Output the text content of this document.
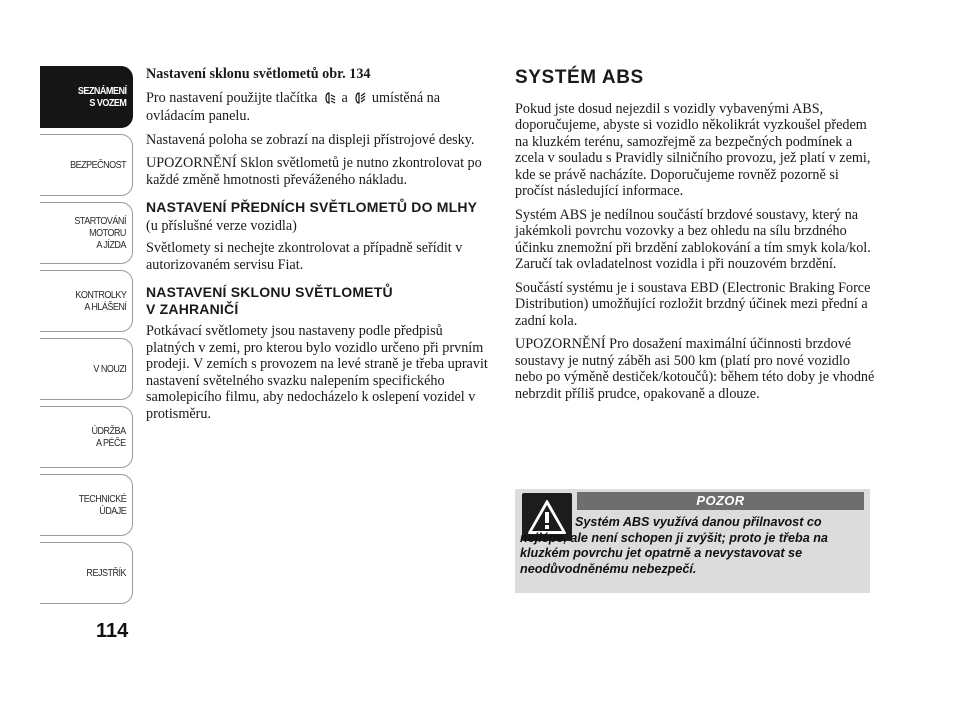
SEZNÁMENÍ
S VOZEM
BEZPEČNOST
STARTOVÁNÍ
MOTORU
A JÍZDA
KONTROLKY
A HLÁŠENÍ
V NOUZI
ÚDRŽBA
A PÉČE
TECHNICKÉ
ÚDAJE
REJSTŘÍK
114

Nastavení sklonu světlometů obr. 134

Pro nastavení použijte tlačítka  a  umístěná na ovládacím panelu.

Nastavená poloha se zobrazí na displeji přístrojové desky.

UPOZORNĚNÍ Sklon světlometů je nutno zkontrolovat po každé změně hmotnosti převáženého nákladu.

NASTAVENÍ PŘEDNÍCH SVĚTLOMETŮ DO MLHY (u příslušné verze vozidla)

Světlomety si nechejte zkontrolovat a případně seřídit v autorizovaném servisu Fiat.

NASTAVENÍ SKLONU SVĚTLOMETŮ
V ZAHRANIČÍ

Potkávací světlomety jsou nastaveny podle předpisů platných v zemi, pro kterou bylo vozidlo určeno při prvním prodeji. V zemích s provozem na levé straně je třeba upravit nastavení světelného svazku nalepením specifického samolepicího filmu, aby nedocházelo k oslepení vozidel v protisměru.

SYSTÉM ABS

Pokud jste dosud nejezdil s vozidly vybavenými ABS, doporučujeme, abyste si vozidlo několikrát vyzkoušel předem na kluzkém terénu, samozřejmě za bezpečných podmínek a zcela v souladu s Pravidly silničního provozu, jež platí v zemi, kde se právě nacházíte. Doporučujeme rovněž pozorně si pročíst následující informace.

Systém ABS je nedílnou součástí brzdové soustavy, který na jakémkoli povrchu vozovky a bez ohledu na sílu brzdného účinku znemožní při brzdění zablokování a tím smyk kola/kol. Zaručí tak ovladatelnost vozidla i při nouzovém brzdění.

Součástí systému je i soustava EBD (Electronic Braking Force Distribution) umožňující rozložit brzdný účinek mezi přední a zadní kola.

UPOZORNĚNÍ Pro dosažení maximální účinnosti brzdové soustavy je nutný záběh asi 500 km (platí pro nové vozidlo nebo po výměně destiček/kotoučů): během této doby je vhodné nebrzdit příliš prudce, opakovaně a dlouze.

POZOR
Systém ABS využívá danou přilnavost co nejlépe, ale není schopen ji zvýšit; proto je třeba na kluzkém povrchu jet opatrně a nevystavovat se neodůvodněnému nebezpečí.
